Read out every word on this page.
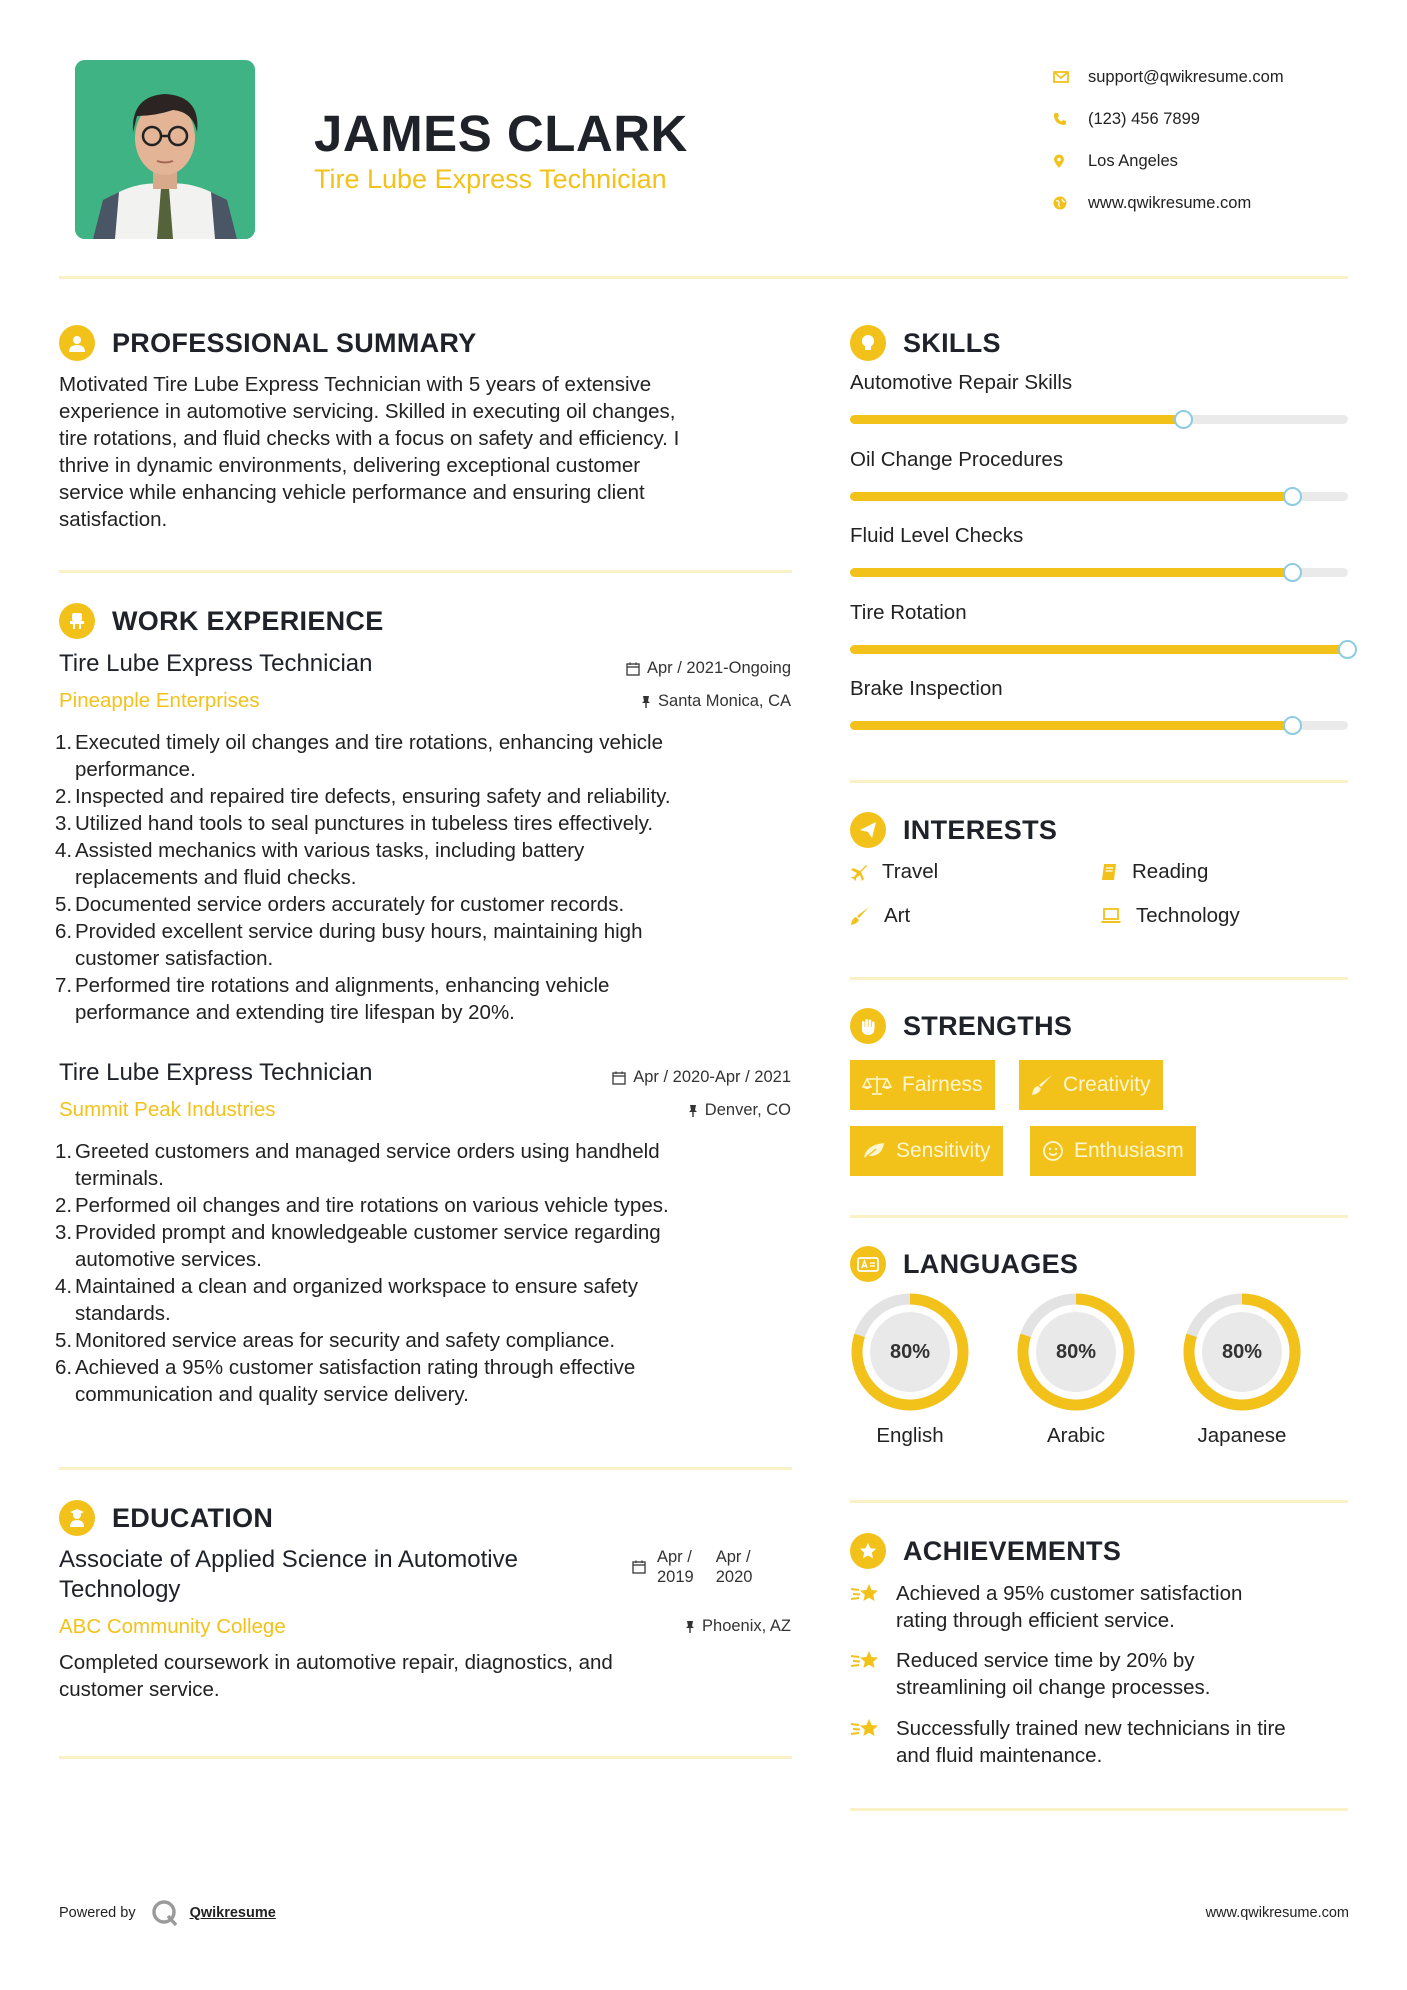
JAMES CLARK
Tire Lube Express Technician
support@qwikresume.com
(123) 456 7899
Los Angeles
www.qwikresume.com
PROFESSIONAL SUMMARY
Motivated Tire Lube Express Technician with 5 years of extensive
experience in automotive servicing. Skilled in executing oil changes,
tire rotations, and fluid checks with a focus on safety and efficiency. I
thrive in dynamic environments, delivering exceptional customer
service while enhancing vehicle performance and ensuring client
satisfaction.
WORK EXPERIENCE
Tire Lube Express Technician
Pineapple Enterprises
Apr / 2021-Ongoing
Santa Monica, CA
1. Executed timely oil changes and tire rotations, enhancing vehicle
performance.
2. Inspected and repaired tire defects, ensuring safety and reliability.
3. Utilized hand tools to seal punctures in tubeless tires effectively.
4. Assisted mechanics with various tasks, including battery
replacements and fluid checks.
5. Documented service orders accurately for customer records.
6. Provided excellent service during busy hours, maintaining high
customer satisfaction.
7. Performed tire rotations and alignments, enhancing vehicle
performance and extending tire lifespan by 20%.
Tire Lube Express Technician
Summit Peak Industries
Apr / 2020-Apr / 2021
Denver, CO
1. Greeted customers and managed service orders using handheld
terminals.
2. Performed oil changes and tire rotations on various vehicle types.
3. Provided prompt and knowledgeable customer service regarding
automotive services.
4. Maintained a clean and organized workspace to ensure safety
standards.
5. Monitored service areas for security and safety compliance.
6. Achieved a 95% customer satisfaction rating through effective
communication and quality service delivery.
EDUCATION
Associate of Applied Science in Automotive
Technology
ABC Community College
Apr /
2019
Apr /
2020
Phoenix, AZ
Completed coursework in automotive repair, diagnostics, and
customer service.
SKILLS
Automotive Repair Skills
Oil Change Procedures
Fluid Level Checks
Tire Rotation
Brake Inspection
INTERESTS
Travel	Reading
Art	Technology
STRENGTHS
Fairness	Creativity
Sensitivity	Enthusiasm
LANGUAGES
80%
English
80%
Arabic
80%
Japanese
ACHIEVEMENTS
Achieved a 95% customer satisfaction
rating through efficient service.
Reduced service time by 20% by
streamlining oil change processes.
Successfully trained new technicians in tire
and fluid maintenance.
Powered by	Qwikresume	www.qwikresume.com
